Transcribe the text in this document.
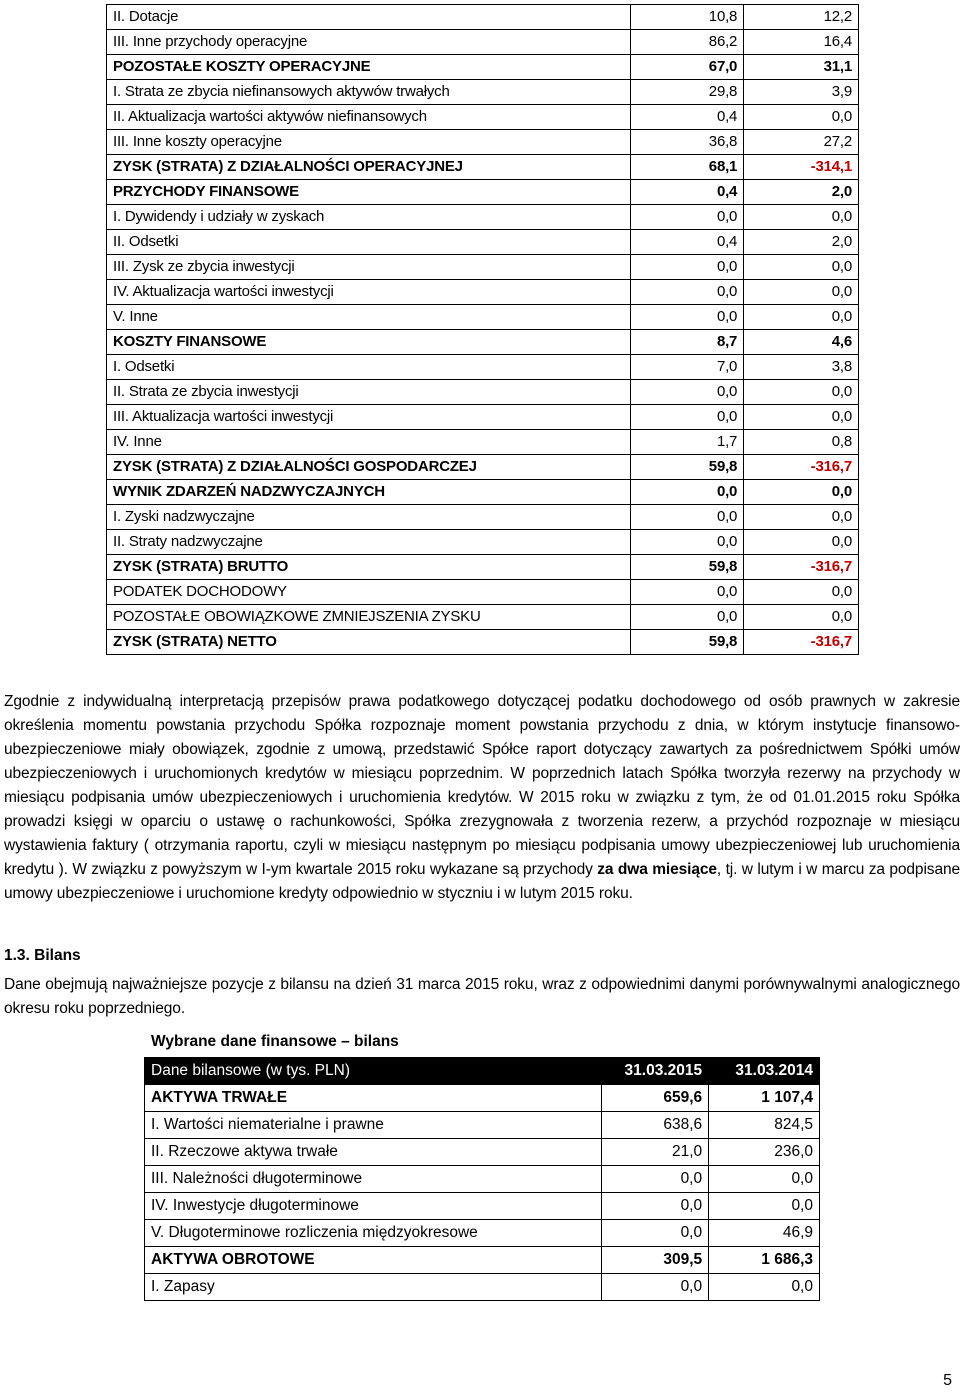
II. Dotacje	10,8	12,2
III. Inne przychody operacyjne	86,2	16,4
POZOSTAŁE KOSZTY OPERACYJNE	67,0	31,1
I. Strata ze zbycia niefinansowych aktywów trwałych	29,8	3,9
II. Aktualizacja wartości aktywów niefinansowych	0,4	0,0
III. Inne koszty operacyjne	36,8	27,2
ZYSK (STRATA) Z DZIAŁALNOŚCI OPERACYJNEJ	68,1	-314,1
PRZYCHODY FINANSOWE	0,4	2,0
I. Dywidendy i udziały w zyskach	0,0	0,0
II. Odsetki	0,4	2,0
III. Zysk ze zbycia inwestycji	0,0	0,0
IV. Aktualizacja wartości inwestycji	0,0	0,0
V. Inne	0,0	0,0
KOSZTY FINANSOWE	8,7	4,6
I. Odsetki	7,0	3,8
II. Strata ze zbycia inwestycji	0,0	0,0
III. Aktualizacja wartości inwestycji	0,0	0,0
IV. Inne	1,7	0,8
ZYSK (STRATA) Z DZIAŁALNOŚCI GOSPODARCZEJ	59,8	-316,7
WYNIK ZDARZEŃ NADZWYCZAJNYCH	0,0	0,0
I. Zyski nadzwyczajne	0,0	0,0
II. Straty nadzwyczajne	0,0	0,0
ZYSK (STRATA) BRUTTO	59,8	-316,7
PODATEK DOCHODOWY	0,0	0,0
POZOSTAŁE OBOWIĄZKOWE ZMNIEJSZENIA ZYSKU	0,0	0,0
ZYSK (STRATA) NETTO	59,8	-316,7
Zgodnie z indywidualną interpretacją przepisów prawa podatkowego dotyczącej podatku dochodowego od osób prawnych w zakresie określenia momentu powstania przychodu Spółka rozpoznaje moment powstania przychodu z dnia, w którym instytucje finansowo-ubezpieczeniowe miały obowiązek, zgodnie z umową, przedstawić Spółce raport dotyczący zawartych za pośrednictwem Spółki umów ubezpieczeniowych i uruchomionych kredytów w miesiącu poprzednim. W poprzednich latach Spółka tworzyła rezerwy na przychody w miesiącu podpisania umów ubezpieczeniowych i uruchomienia kredytów. W 2015 roku w związku z tym, że od 01.01.2015 roku Spółka prowadzi księgi w oparciu o ustawę o rachunkowości, Spółka zrezygnowała z tworzenia rezerw, a przychód rozpoznaje w miesiącu wystawienia faktury ( otrzymania raportu, czyli w miesiącu następnym po miesiącu podpisania umowy ubezpieczeniowej lub uruchomienia kredytu ). W związku z powyższym w I-ym kwartale 2015 roku wykazane są przychody za dwa miesiące, tj. w lutym i w marcu za podpisane umowy ubezpieczeniowe i uruchomione kredyty odpowiednio w styczniu i w lutym 2015 roku.
1.3. Bilans
Dane obejmują najważniejsze pozycje z bilansu na dzień 31 marca 2015 roku, wraz z odpowiednimi danymi porównywalnymi analogicznego okresu roku poprzedniego.
Wybrane dane finansowe – bilans
Dane bilansowe (w tys. PLN)	31.03.2015	31.03.2014
AKTYWA TRWAŁE	659,6	1 107,4
I. Wartości niematerialne i prawne	638,6	824,5
II. Rzeczowe aktywa trwałe	21,0	236,0
III. Należności długoterminowe	0,0	0,0
IV. Inwestycje długoterminowe	0,0	0,0
V. Długoterminowe rozliczenia międzyokresowe	0,0	46,9
AKTYWA OBROTOWE	309,5	1 686,3
I. Zapasy	0,0	0,0
5
